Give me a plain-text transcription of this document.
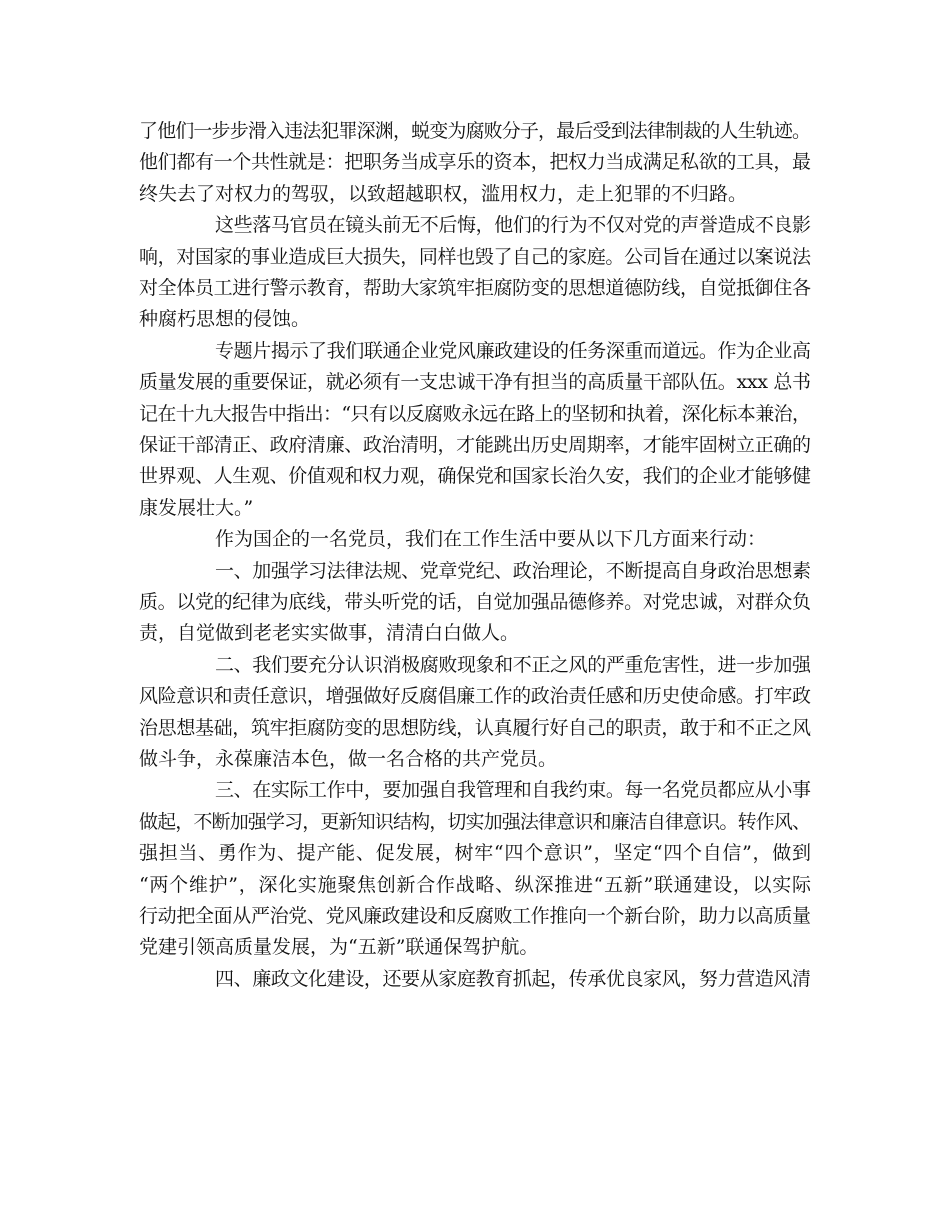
了他们一步步滑入违法犯罪深渊，蜕变为腐败分子，最后受到法律制裁的人生轨迹。

他们都有一个共性就是：把职务当成享乐的资本，把权力当成满足私欲的工具，最

终失去了对权力的驾驭，以致超越职权，滥用权力，走上犯罪的不归路。

这些落马官员在镜头前无不后悔，他们的行为不仅对党的声誉造成不良影

响，对国家的事业造成巨大损失，同样也毁了自己的家庭。公司旨在通过以案说法

对全体员工进行警示教育，帮助大家筑牢拒腐防变的思想道德防线，自觉抵御住各

种腐朽思想的侵蚀。

专题片揭示了我们联通企业党风廉政建设的任务深重而道远。作为企业高

质量发展的重要保证，就必须有一支忠诚干净有担当的高质量干部队伍。xxx 总书

记在十九大报告中指出：“只有以反腐败永远在路上的坚韧和执着，深化标本兼治，

保证干部清正、政府清廉、政治清明，才能跳出历史周期率，才能牢固树立正确的

世界观、人生观、价值观和权力观，确保党和国家长治久安，我们的企业才能够健

康发展壮大。”

作为国企的一名党员，我们在工作生活中要从以下几方面来行动：

一、加强学习法律法规、党章党纪、政治理论，不断提高自身政治思想素

质。以党的纪律为底线，带头听党的话，自觉加强品德修养。对党忠诚，对群众负

责，自觉做到老老实实做事，清清白白做人。

二、我们要充分认识消极腐败现象和不正之风的严重危害性，进一步加强

风险意识和责任意识，增强做好反腐倡廉工作的政治责任感和历史使命感。打牢政

治思想基础，筑牢拒腐防变的思想防线，认真履行好自己的职责，敢于和不正之风

做斗争，永葆廉洁本色，做一名合格的共产党员。

三、在实际工作中，要加强自我管理和自我约束。每一名党员都应从小事

做起，不断加强学习，更新知识结构，切实加强法律意识和廉洁自律意识。转作风、

强担当、勇作为、提产能、促发展，树牢“四个意识”，坚定“四个自信”，做到

“两个维护”，深化实施聚焦创新合作战略、纵深推进“五新”联通建设，以实际

行动把全面从严治党、党风廉政建设和反腐败工作推向一个新台阶，助力以高质量

党建引领高质量发展，为“五新”联通保驾护航。

四、廉政文化建设，还要从家庭教育抓起，传承优良家风，努力营造风清
